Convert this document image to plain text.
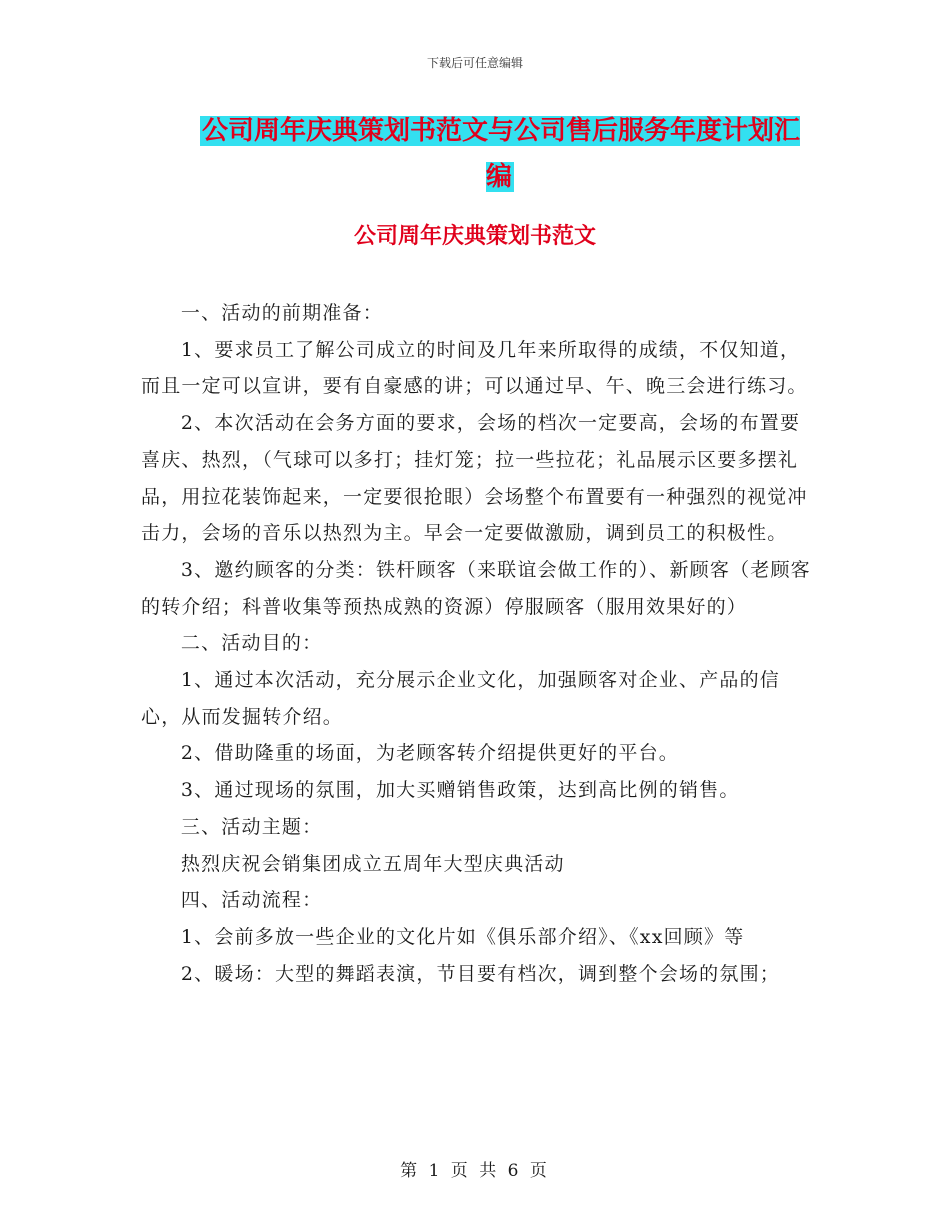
下载后可任意编辑
公司周年庆典策划书范文与公司售后服务年度计划汇编
公司周年庆典策划书范文

一、活动的前期准备：

1、要求员工了解公司成立的时间及几年来所取得的成绩，不仅知道，而且一定可以宣讲，要有自豪感的讲；可以通过早、午、晚三会进行练习。

2、本次活动在会务方面的要求，会场的档次一定要高，会场的布置要喜庆、热烈，（气球可以多打；挂灯笼；拉一些拉花；礼品展示区要多摆礼品，用拉花装饰起来，一定要很抢眼）会场整个布置要有一种强烈的视觉冲击力，会场的音乐以热烈为主。早会一定要做激励，调到员工的积极性。

3、邀约顾客的分类：铁杆顾客（来联谊会做工作的）、新顾客（老顾客的转介绍；科普收集等预热成熟的资源）停服顾客（服用效果好的）

二、活动目的：

1、通过本次活动，充分展示企业文化，加强顾客对企业、产品的信心，从而发掘转介绍。

2、借助隆重的场面，为老顾客转介绍提供更好的平台。

3、通过现场的氛围，加大买赠销售政策，达到高比例的销售。

三、活动主题：

热烈庆祝会销集团成立五周年大型庆典活动

四、活动流程：

1、会前多放一些企业的文化片如《俱乐部介绍》、《xx回顾》等

2、暖场：大型的舞蹈表演，节目要有档次，调到整个会场的氛围；

第 1 页 共 6 页
